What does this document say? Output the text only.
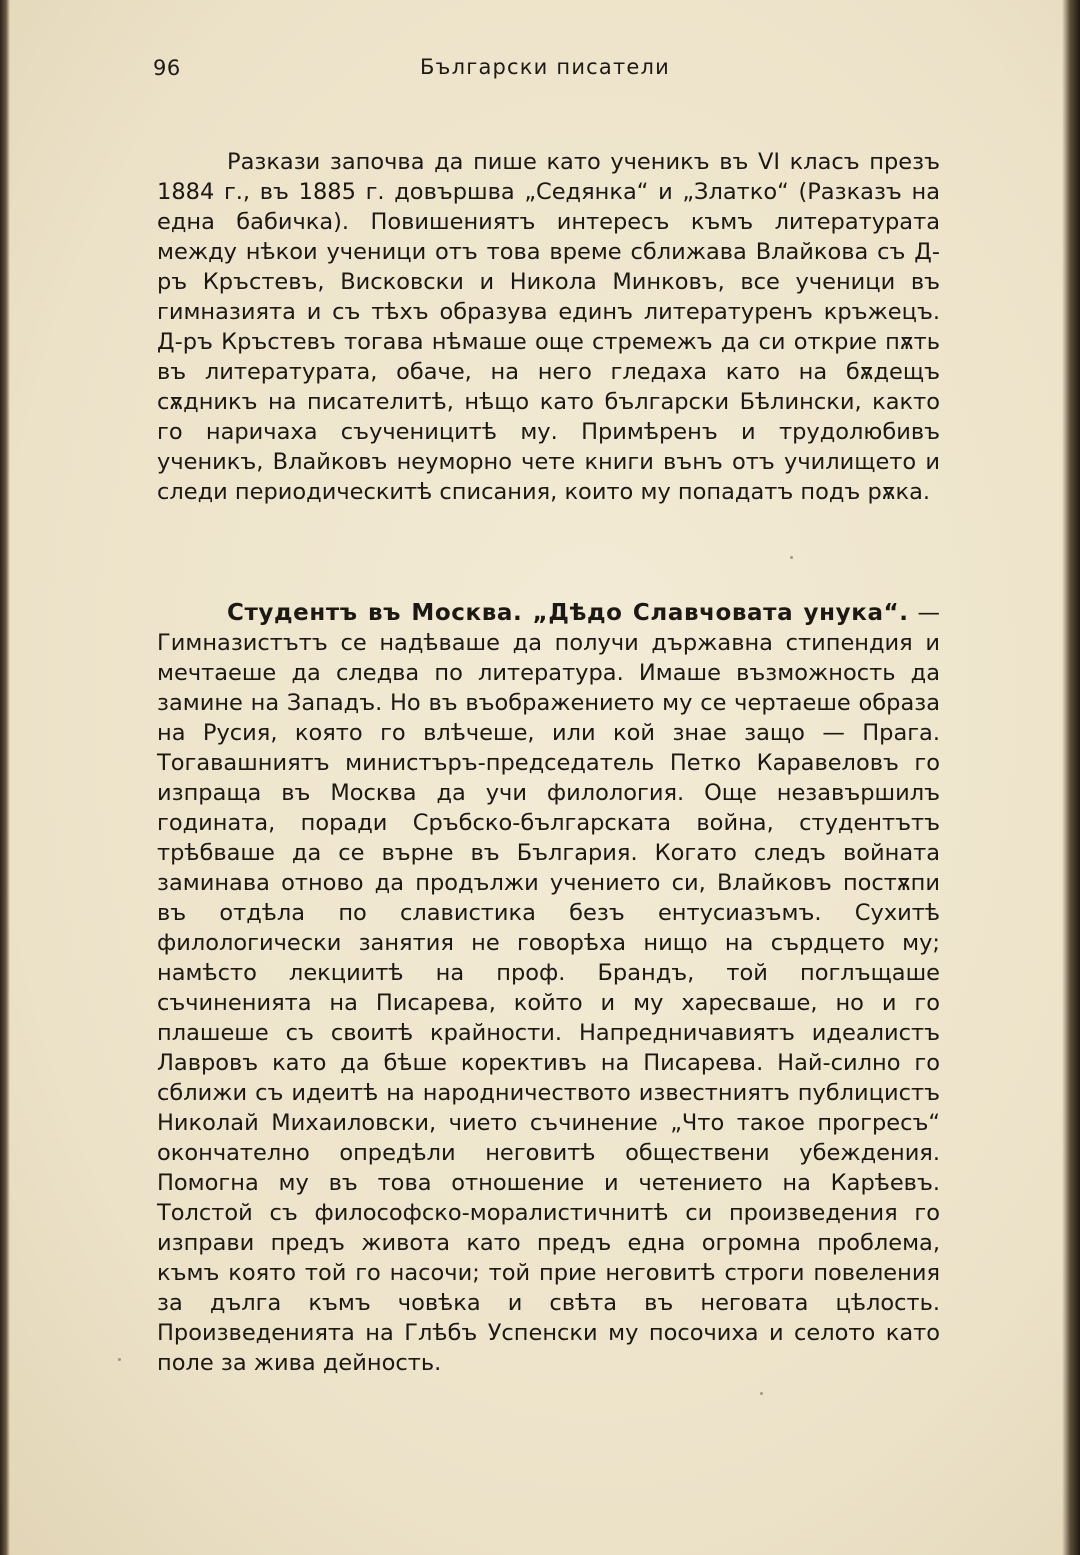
96	Български писатели

Разкази започва да пише като ученикъ въ VI класъ презъ 1884 г., въ 1885 г. довършва „Седянка“ и „Златко“ (Разказъ на една бабичка). Повишениятъ интересъ къмъ литературата между нѣкои ученици отъ това време сближава Влайкова съ Д-ръ Кръстевъ, Висковски и Никола Минковъ, все ученици въ гимназията и съ тѣхъ образува единъ литературенъ кръжецъ. Д-ръ Кръстевъ тогава нѣмаше още стремежъ да си открие пѫть въ литературата, обаче, на него гледаха като на бѫдещъ сѫдникъ на писателитѣ, нѣщо като български Бѣлински, както го наричаха съученицитѣ му. Примѣренъ и трудолюбивъ ученикъ, Влайковъ неуморно чете книги вънъ отъ училището и следи периодическитѣ списания, които му попадатъ подъ рѫка.

Студентъ въ Москва. „Дѣдо Славчовата унука“. — Гимназистътъ се надѣваше да получи държавна стипендия и мечтаеше да следва по литература. Имаше възможность да замине на Западъ. Но въ въображението му се чертаеше образа на Русия, която го влѣчеше, или кой знае защо — Прага. Тогавашниятъ министъръ-председатель Петко Каравеловъ го изпраща въ Москва да учи филология. Още незавършилъ годината, поради Сръбско-българската война, студентътъ трѣбваше да се върне въ България. Когато следъ войната заминава отново да продължи учението си, Влайковъ постѫпи въ отдѣла по славистика безъ ентусиазъмъ. Сухитѣ филологически занятия не говорѣха нищо на сърдцето му; намѣсто лекциитѣ на проф. Брандъ, той поглъщаше съчиненията на Писарева, който и му харесваше, но и го плашеше съ своитѣ крайности. Напредничавиятъ идеалистъ Лавровъ като да бѣше корективъ на Писарева. Най-силно го сближи съ идеитѣ на народничеството известниятъ публицистъ Николай Михаиловски, чието съчинение „Что такое прогресъ“ окончателно опредѣли неговитѣ обществени убеждения. Помогна му въ това отношение и четението на Карѣевъ. Толстой съ философско-моралистичнитѣ си произведения го изправи предъ живота като предъ една огромна проблема, къмъ която той го насочи; той прие неговитѣ строги повеления за дълга къмъ човѣка и свѣта въ неговата цѣлость. Произведенията на Глѣбъ Успенски му посочиха и селото като поле за жива дейность.
